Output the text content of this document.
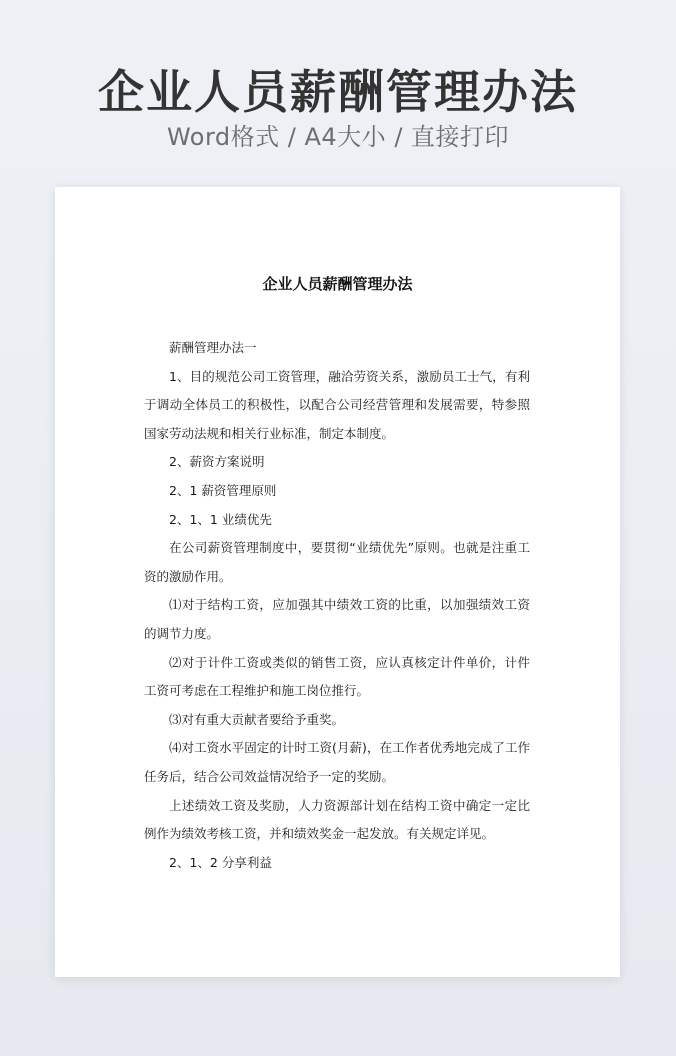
企业人员薪酬管理办法
Word格式 / A4大小 / 直接打印
企业人员薪酬管理办法

薪酬管理办法一

1、目的规范公司工资管理，融洽劳资关系，激励员工士气，有利于调动全体员工的积极性，以配合公司经营管理和发展需要，特参照国家劳动法规和相关行业标准，制定本制度。

2、薪资方案说明

2、1 薪资管理原则

2、1、1 业绩优先

在公司薪资管理制度中，要贯彻“业绩优先”原则。也就是注重工资的激励作用。

⑴对于结构工资，应加强其中绩效工资的比重，以加强绩效工资的调节力度。

⑵对于计件工资或类似的销售工资，应认真核定计件单价，计件工资可考虑在工程维护和施工岗位推行。

⑶对有重大贡献者要给予重奖。

⑷对工资水平固定的计时工资(月薪)，在工作者优秀地完成了工作任务后，结合公司效益情况给予一定的奖励。

上述绩效工资及奖励，人力资源部计划在结构工资中确定一定比例作为绩效考核工资，并和绩效奖金一起发放。有关规定详见。

2、1、2 分享利益
